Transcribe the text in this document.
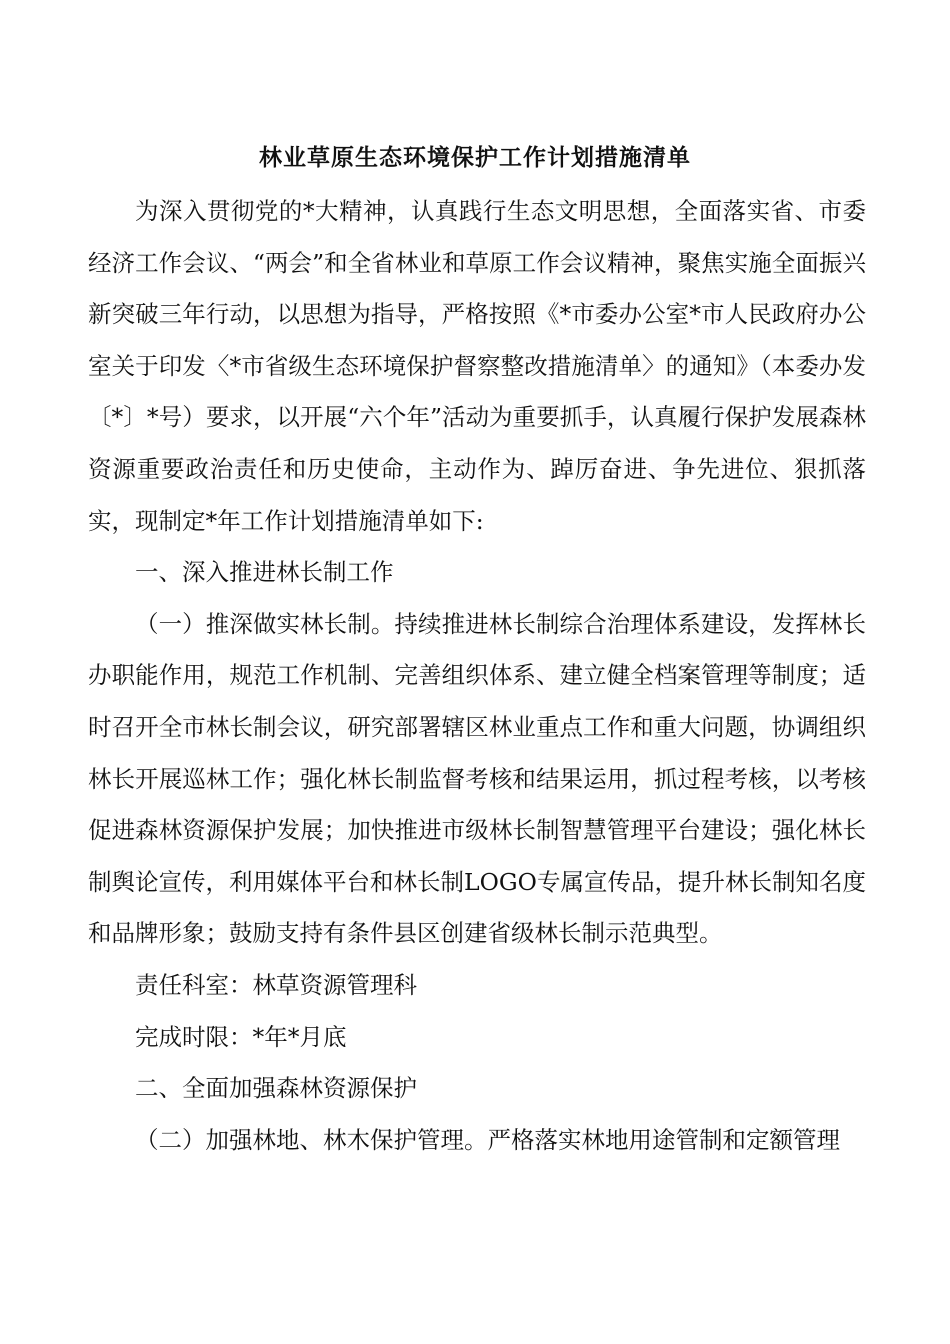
林业草原生态环境保护工作计划措施清单

为深入贯彻党的*大精神，认真践行生态文明思想，全面落实省、市委经济工作会议、“两会”和全省林业和草原工作会议精神，聚焦实施全面振兴新突破三年行动，以思想为指导，严格按照《*市委办公室*市人民政府办公室关于印发〈*市省级生态环境保护督察整改措施清单〉的通知》（本委办发〔*〕*号）要求，以开展“六个年”活动为重要抓手，认真履行保护发展森林资源重要政治责任和历史使命，主动作为、踔厉奋进、争先进位、狠抓落实，现制定*年工作计划措施清单如下:

一、深入推进林长制工作

（一）推深做实林长制。持续推进林长制综合治理体系建设，发挥林长办职能作用，规范工作机制、完善组织体系、建立健全档案管理等制度；适时召开全市林长制会议，研究部署辖区林业重点工作和重大问题，协调组织林长开展巡林工作；强化林长制监督考核和结果运用，抓过程考核，以考核促进森林资源保护发展；加快推进市级林长制智慧管理平台建设；强化林长制舆论宣传，利用媒体平台和林长制LOGO专属宣传品，提升林长制知名度和品牌形象；鼓励支持有条件县区创建省级林长制示范典型。

责任科室：林草资源管理科

完成时限：*年*月底

二、全面加强森林资源保护

（二）加强林地、林木保护管理。严格落实林地用途管制和定额管理
